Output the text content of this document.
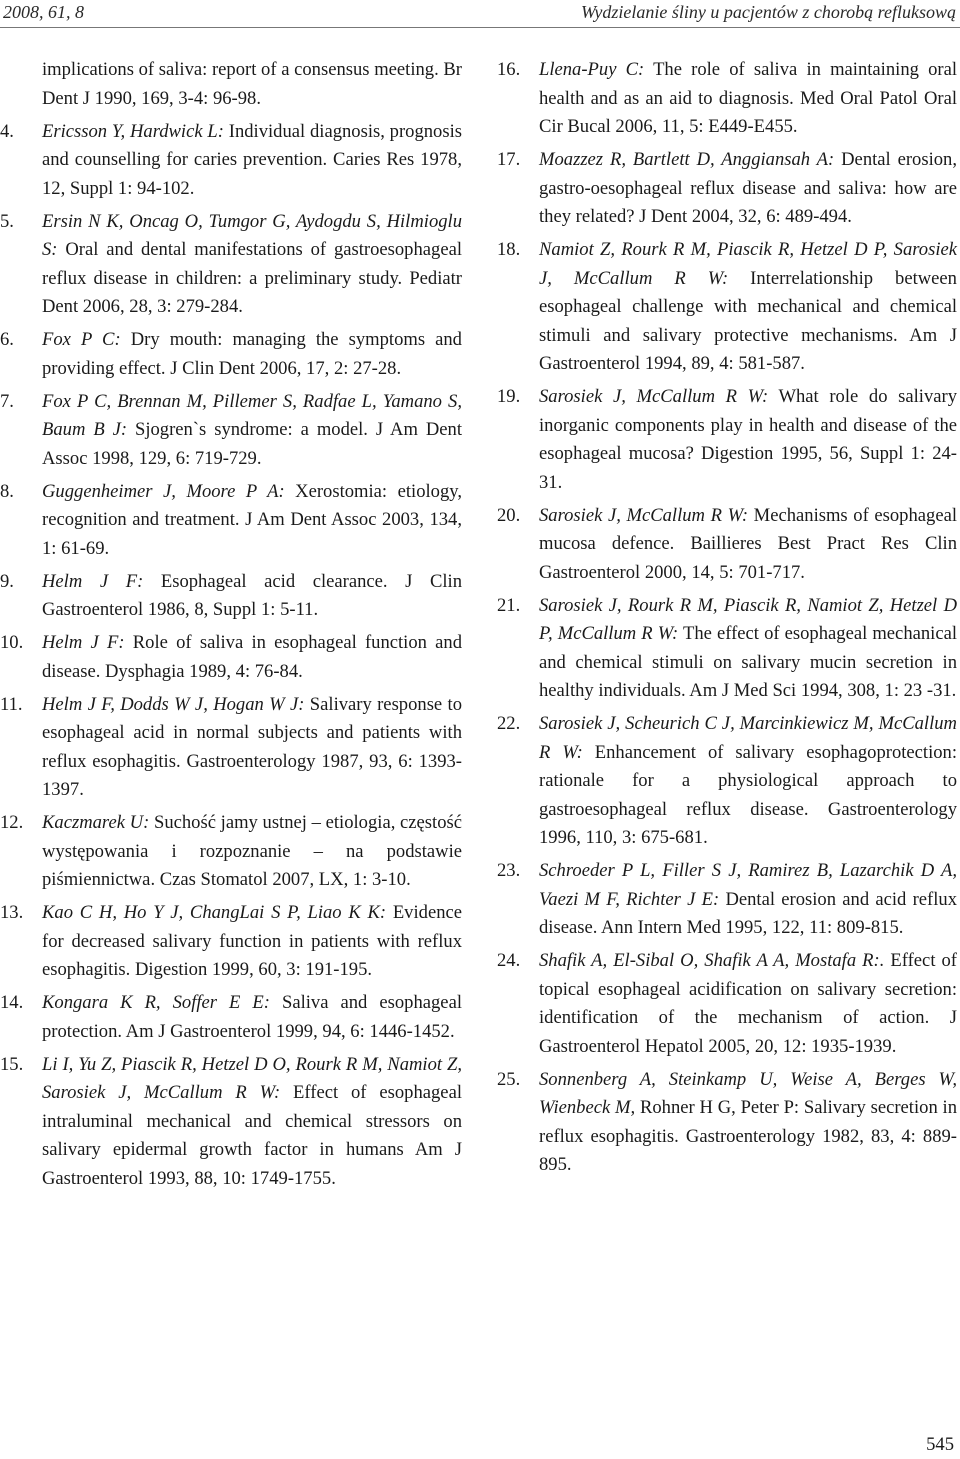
2008, 61, 8	Wydzielanie śliny u pacjentów z chorobą refluksową
implications of saliva: report of a consensus meeting. Br Dent J 1990, 169, 3-4: 96-98.
4.	Ericsson Y, Hardwick L: Individual diagnosis, prognosis and counselling for caries prevention. Caries Res 1978, 12, Suppl 1: 94-102.
5.	Ersin N K, Oncag O, Tumgor G, Aydogdu S, Hilmioglu S: Oral and dental manifestations of gastroesophageal reflux disease in children: a preliminary study. Pediatr Dent 2006, 28, 3: 279-284.
6.	Fox P C: Dry mouth: managing the symptoms and providing effect. J Clin Dent 2006, 17, 2: 27-28.
7.	Fox P C, Brennan M, Pillemer S, Radfae L, Yamano S, Baum B J: Sjogren`s syndrome: a model. J Am Dent Assoc 1998, 129, 6: 719-729.
8.	Guggenheimer J, Moore P A: Xerostomia: etiology, recognition and treatment. J Am Dent Assoc 2003, 134, 1: 61-69.
9.	Helm J F: Esophageal acid clearance. J Clin Gastroenterol 1986, 8, Suppl 1: 5-11.
10.	Helm J F: Role of saliva in esophageal function and disease. Dysphagia 1989, 4: 76-84.
11.	Helm J F, Dodds W J, Hogan W J: Salivary response to esophageal acid in normal subjects and patients with reflux esophagitis. Gastroenterology 1987, 93, 6: 1393-1397.
12.	Kaczmarek U: Suchość jamy ustnej – etiologia, częstość występowania i rozpoznanie – na podstawie piśmiennictwa. Czas Stomatol 2007, LX, 1: 3-10.
13.	Kao C H, Ho Y J, ChangLai S P, Liao K K: Evidence for decreased salivary function in patients with reflux esophagitis. Digestion 1999, 60, 3: 191-195.
14.	Kongara K R, Soffer E E: Saliva and esophageal protection. Am J Gastroenterol 1999, 94, 6: 1446-1452.
15.	Li I, Yu Z, Piascik R, Hetzel D O, Rourk R M, Namiot Z, Sarosiek J, McCallum R W: Effect of esophageal intraluminal mechanical and chemical stressors on salivary epidermal growth factor in humans Am J Gastroenterol 1993, 88, 10: 1749-1755.
16.	Llena-Puy C: The role of saliva in maintaining oral health and as an aid to diagnosis. Med Oral Patol Oral Cir Bucal 2006, 11, 5: E449-E455.
17.	Moazzez R, Bartlett D, Anggiansah A: Dental erosion, gastro-oesophageal reflux disease and saliva: how are they related? J Dent 2004, 32, 6: 489-494.
18.	Namiot Z, Rourk R M, Piascik R, Hetzel D P, Sarosiek J, McCallum R W: Interrelationship between esophageal challenge with mechanical and chemical stimuli and salivary protective mechanisms. Am J Gastroenterol 1994, 89, 4: 581-587.
19.	Sarosiek J, McCallum R W: What role do salivary inorganic components play in health and disease of the esophageal mucosa? Digestion 1995, 56, Suppl 1: 24-31.
20.	Sarosiek J, McCallum R W: Mechanisms of esophageal mucosa defence. Baillieres Best Pract Res Clin Gastroenterol 2000, 14, 5: 701-717.
21.	Sarosiek J, Rourk R M, Piascik R, Namiot Z, Hetzel D P, McCallum R W: The effect of esophageal mechanical and chemical stimuli on salivary mucin secretion in healthy individuals. Am J Med Sci 1994, 308, 1: 23 -31.
22.	Sarosiek J, Scheurich C J, Marcinkiewicz M, McCallum R W: Enhancement of salivary esophagoprotection: rationale for a physiological approach to gastroesophageal reflux disease. Gastroenterology 1996, 110, 3: 675-681.
23.	Schroeder P L, Filler S J, Ramirez B, Lazarchik D A, Vaezi M F, Richter J E: Dental erosion and acid reflux disease. Ann Intern Med 1995, 122, 11: 809-815.
24.	Shafik A, El-Sibal O, Shafik A A, Mostafa R:. Effect of topical esophageal acidification on salivary secretion: identification of the mechanism of action. J Gastroenterol Hepatol 2005, 20, 12: 1935-1939.
25.	Sonnenberg A, Steinkamp U, Weise A, Berges W, Wienbeck M, Rohner H G, Peter P: Salivary secretion in reflux esophagitis. Gastroenterology 1982, 83, 4: 889-895.
545
